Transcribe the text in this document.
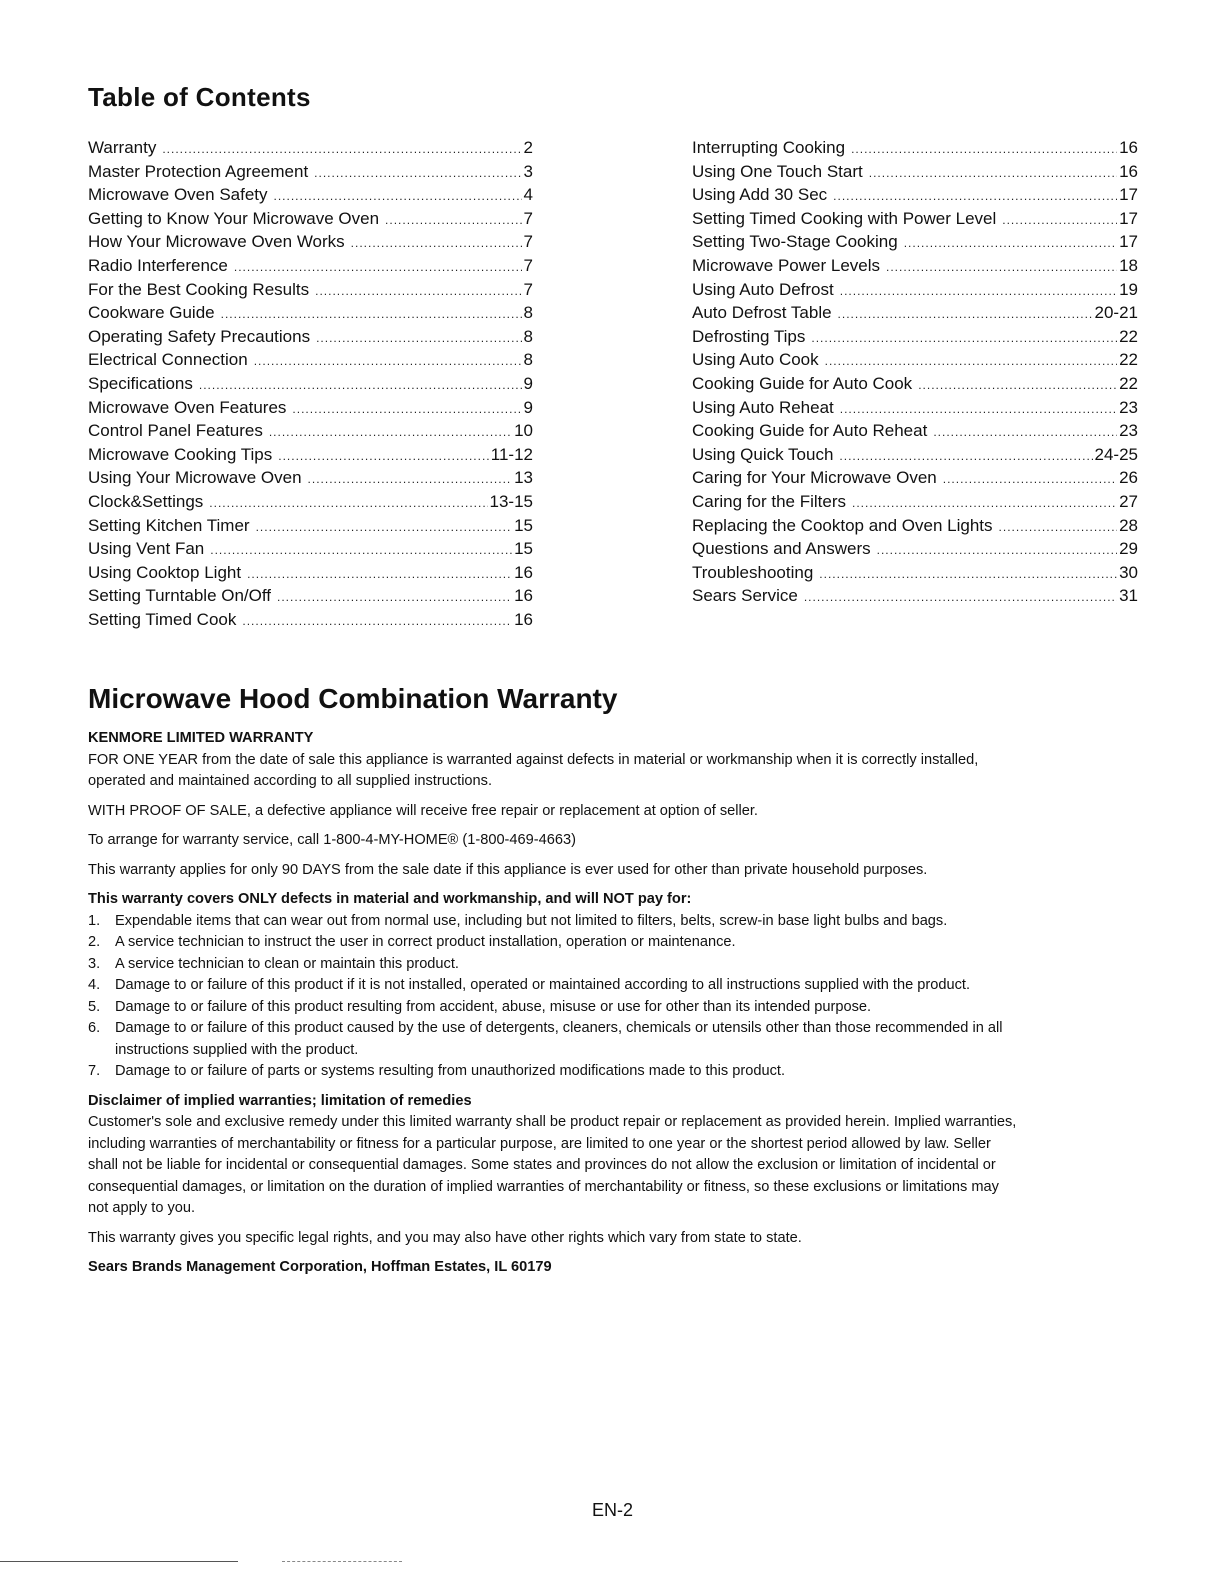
Table of Contents
Warranty .....	2
Master Protection Agreement .....	3
Microwave Oven Safety .....	4
Getting to Know Your Microwave Oven .....	7
How Your Microwave Oven Works .....	7
Radio Interference .....	7
For the Best Cooking Results .....	7
Cookware Guide .....	8
Operating Safety Precautions .....	8
Electrical Connection .....	8
Specifications .....	9
Microwave Oven Features .....	9
Control Panel Features .....	10
Microwave Cooking Tips .....	11-12
Using Your Microwave Oven .....	13
Clock&Settings .....	13-15
Setting Kitchen Timer .....	15
Using Vent Fan .....	15
Using Cooktop Light .....	16
Setting Turntable On/Off .....	16
Setting Timed Cook .....	16
Interrupting Cooking .....	16
Using One Touch Start .....	16
Using Add 30 Sec .....	17
Setting Timed Cooking with Power Level .....	17
Setting Two-Stage Cooking .....	17
Microwave Power Levels .....	18
Using Auto Defrost .....	19
Auto Defrost Table .....	20-21
Defrosting Tips .....	22
Using Auto Cook .....	22
Cooking Guide for Auto Cook .....	22
Using Auto Reheat .....	23
Cooking Guide for Auto Reheat .....	23
Using Quick Touch .....	24-25
Caring for Your Microwave Oven .....	26
Caring for the Filters .....	27
Replacing the Cooktop and Oven Lights .....	28
Questions and Answers .....	29
Troubleshooting .....	30
Sears Service .....	31
Microwave Hood Combination Warranty

KENMORE LIMITED WARRANTY

FOR ONE YEAR from the date of sale this appliance is warranted against defects in material or workmanship when it is correctly installed, operated and maintained according to all supplied instructions.

WITH PROOF OF SALE, a defective appliance will receive free repair or replacement at option of seller.

To arrange for warranty service, call 1-800-4-MY-HOME® (1-800-469-4663)

This warranty applies for only 90 DAYS from the sale date if this appliance is ever used for other than private household purposes.

This warranty covers ONLY defects in material and workmanship, and will NOT pay for:

1. Expendable items that can wear out from normal use, including but not limited to filters, belts, screw-in base light bulbs and bags.
2. A service technician to instruct the user in correct product installation, operation or maintenance.
3. A service technician to clean or maintain this product.
4. Damage to or failure of this product if it is not installed, operated or maintained according to all instructions supplied with the product.
5. Damage to or failure of this product resulting from accident, abuse, misuse or use for other than its intended purpose.
6. Damage to or failure of this product caused by the use of detergents, cleaners, chemicals or utensils other than those recommended in all instructions supplied with the product.
7. Damage to or failure of parts or systems resulting from unauthorized modifications made to this product.

Disclaimer of implied warranties; limitation of remedies

Customer's sole and exclusive remedy under this limited warranty shall be product repair or replacement as provided herein. Implied warranties, including warranties of merchantability or fitness for a particular purpose, are limited to one year or the shortest period allowed by law. Seller shall not be liable for incidental or consequential damages. Some states and provinces do not allow the exclusion or limitation of incidental or consequential damages, or limitation on the duration of implied warranties of merchantability or fitness, so these exclusions or limitations may not apply to you.

This warranty gives you specific legal rights, and you may also have other rights which vary from state to state.

Sears Brands Management Corporation, Hoffman Estates, IL 60179

EN-2
